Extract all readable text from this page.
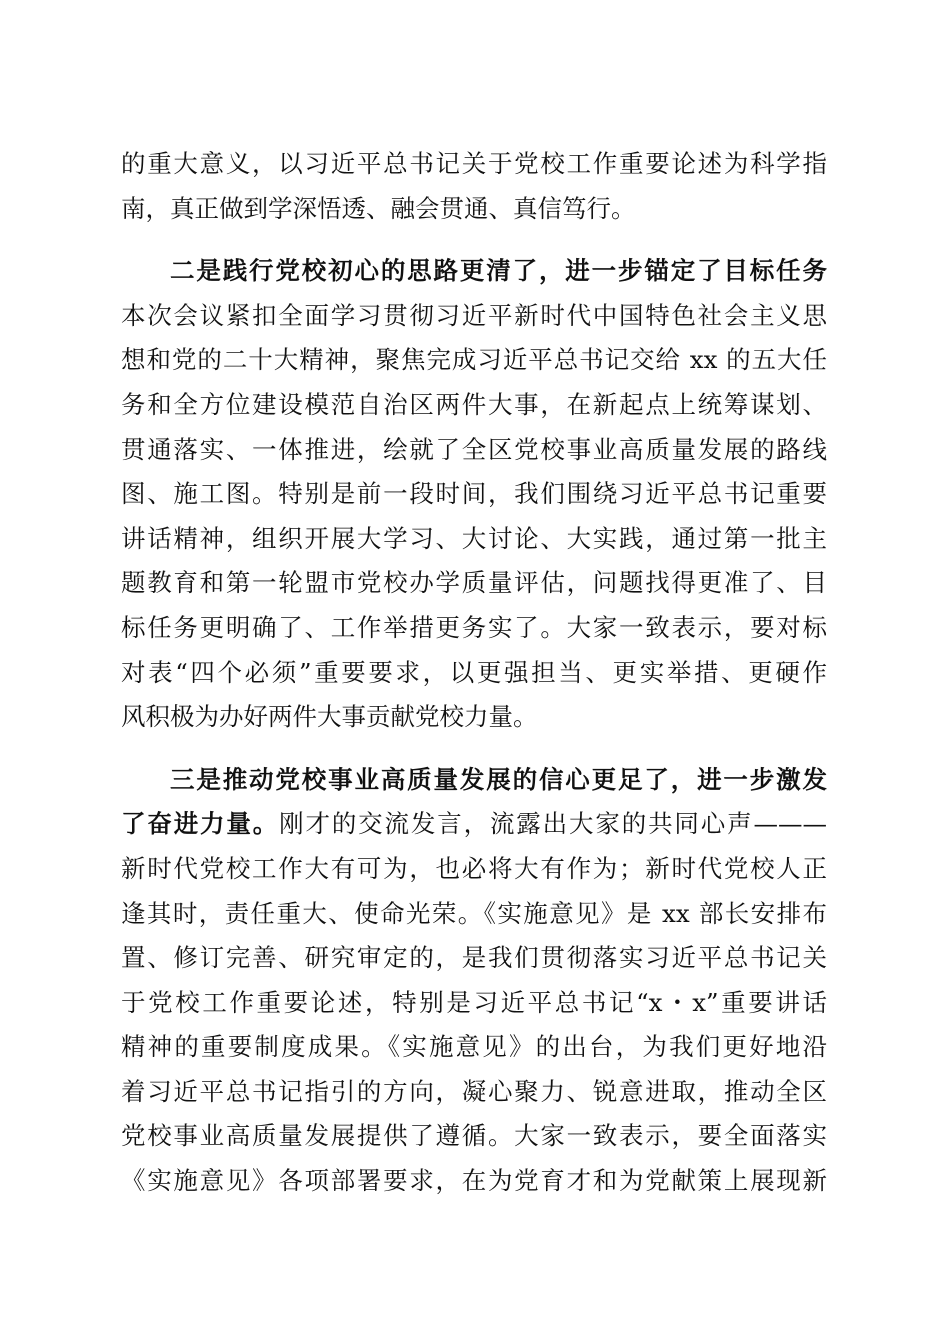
的重大意义，以习近平总书记关于党校工作重要论述为科学指
南，真正做到学深悟透、融会贯通、真信笃行。
二是践行党校初心的思路更清了，进一步锚定了目标任务
本次会议紧扣全面学习贯彻习近平新时代中国特色社会主义思
想和党的二十大精神，聚焦完成习近平总书记交给 xx 的五大任
务和全方位建设模范自治区两件大事，在新起点上统筹谋划、
贯通落实、一体推进，绘就了全区党校事业高质量发展的路线
图、施工图。特别是前一段时间，我们围绕习近平总书记重要
讲话精神，组织开展大学习、大讨论、大实践，通过第一批主
题教育和第一轮盟市党校办学质量评估，问题找得更准了、目
标任务更明确了、工作举措更务实了。大家一致表示，要对标
对表“四个必须”重要要求，以更强担当、更实举措、更硬作
风积极为办好两件大事贡献党校力量。
三是推动党校事业高质量发展的信心更足了，进一步激发
了奋进力量。刚才的交流发言，流露出大家的共同心声———
新时代党校工作大有可为，也必将大有作为；新时代党校人正
逢其时，责任重大、使命光荣。《实施意见》是 xx 部长安排布
置、修订完善、研究审定的，是我们贯彻落实习近平总书记关
于党校工作重要论述，特别是习近平总书记“x・x”重要讲话
精神的重要制度成果。《实施意见》的出台，为我们更好地沿
着习近平总书记指引的方向，凝心聚力、锐意进取，推动全区
党校事业高质量发展提供了遵循。大家一致表示，要全面落实
《实施意见》各项部署要求，在为党育才和为党献策上展现新
